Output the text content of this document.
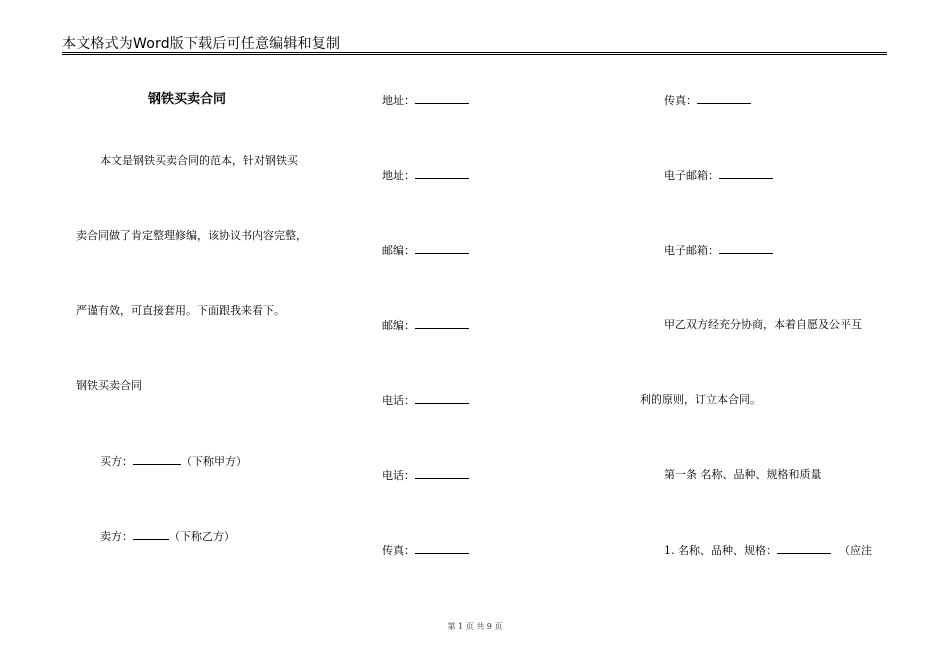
本文格式为Word版下载后可任意编辑和复制
钢铁买卖合同
本文是钢铁买卖合同的范本，针对钢铁买
卖合同做了肯定整理修编，该协议书内容完整，
严谨有效，可直接套用。下面跟我来看下。
钢铁买卖合同
买方：	（下称甲方）
卖方：	（下称乙方）
地址：
地址：
邮编：
邮编：
电话：
电话：
传真：
传真：
电子邮箱：
电子邮箱：
甲乙双方经充分协商，本着自愿及公平互
利的原则，订立本合同。
第一条 名称、品种、规格和质量
1. 名称、品种、规格：	（应注
第 1 页 共 9 页
